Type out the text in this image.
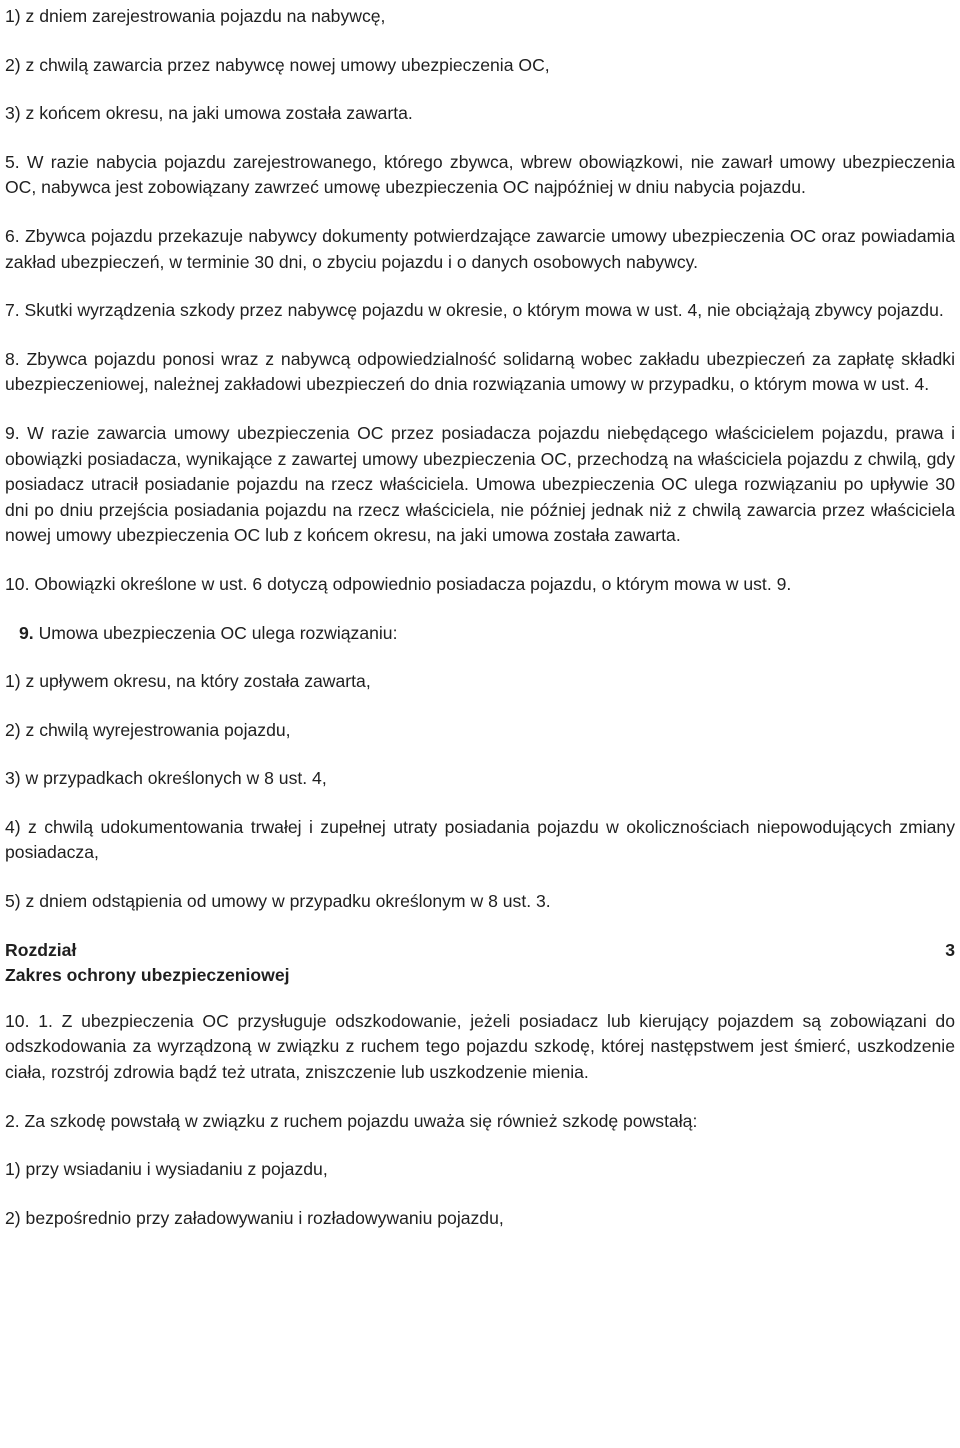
1) z dniem zarejestrowania pojazdu na nabywcę,

2) z chwilą zawarcia przez nabywcę nowej umowy ubezpieczenia OC,

3) z końcem okresu, na jaki umowa została zawarta.

5. W razie nabycia pojazdu zarejestrowanego, którego zbywca, wbrew obowiązkowi, nie zawarł umowy ubezpieczenia OC, nabywca jest zobowiązany zawrzeć umowę ubezpieczenia OC najpóźniej w dniu nabycia pojazdu.

6. Zbywca pojazdu przekazuje nabywcy dokumenty potwierdzające zawarcie umowy ubezpieczenia OC oraz powiadamia zakład ubezpieczeń, w terminie 30 dni, o zbyciu pojazdu i o danych osobowych nabywcy.

7. Skutki wyrządzenia szkody przez nabywcę pojazdu w okresie, o którym mowa w ust. 4, nie obciążają zbywcy pojazdu.

8. Zbywca pojazdu ponosi wraz z nabywcą odpowiedzialność solidarną wobec zakładu ubezpieczeń za zapłatę składki ubezpieczeniowej, należnej zakładowi ubezpieczeń do dnia rozwiązania umowy w przypadku, o którym mowa w ust. 4.

9. W razie zawarcia umowy ubezpieczenia OC przez posiadacza pojazdu niebędącego właścicielem pojazdu, prawa i obowiązki posiadacza, wynikające z zawartej umowy ubezpieczenia OC, przechodzą na właściciela pojazdu z chwilą, gdy posiadacz utracił posiadanie pojazdu na rzecz właściciela. Umowa ubezpieczenia OC ulega rozwiązaniu po upływie 30 dni po dniu przejścia posiadania pojazdu na rzecz właściciela, nie później jednak niż z chwilą zawarcia przez właściciela nowej umowy ubezpieczenia OC lub z końcem okresu, na jaki umowa została zawarta.

10. Obowiązki określone w ust. 6 dotyczą odpowiednio posiadacza pojazdu, o którym mowa w ust. 9.

9. Umowa ubezpieczenia OC ulega rozwiązaniu:

1) z upływem okresu, na który została zawarta,

2) z chwilą wyrejestrowania pojazdu,

3) w przypadkach określonych w 8 ust. 4,

4) z chwilą udokumentowania trwałej i zupełnej utraty posiadania pojazdu w okolicznościach niepowodujących zmiany posiadacza,

5) z dniem odstąpienia od umowy w przypadku określonym w 8 ust. 3.

Rozdział	3
Zakres ochrony ubezpieczeniowej

10. 1. Z ubezpieczenia OC przysługuje odszkodowanie, jeżeli posiadacz lub kierujący pojazdem są zobowiązani do odszkodowania za wyrządzoną w związku z ruchem tego pojazdu szkodę, której następstwem jest śmierć, uszkodzenie ciała, rozstrój zdrowia bądź też utrata, zniszczenie lub uszkodzenie mienia.

2. Za szkodę powstałą w związku z ruchem pojazdu uważa się również szkodę powstałą:

1) przy wsiadaniu i wysiadaniu z pojazdu,

2) bezpośrednio przy załadowywaniu i rozładowywaniu pojazdu,
